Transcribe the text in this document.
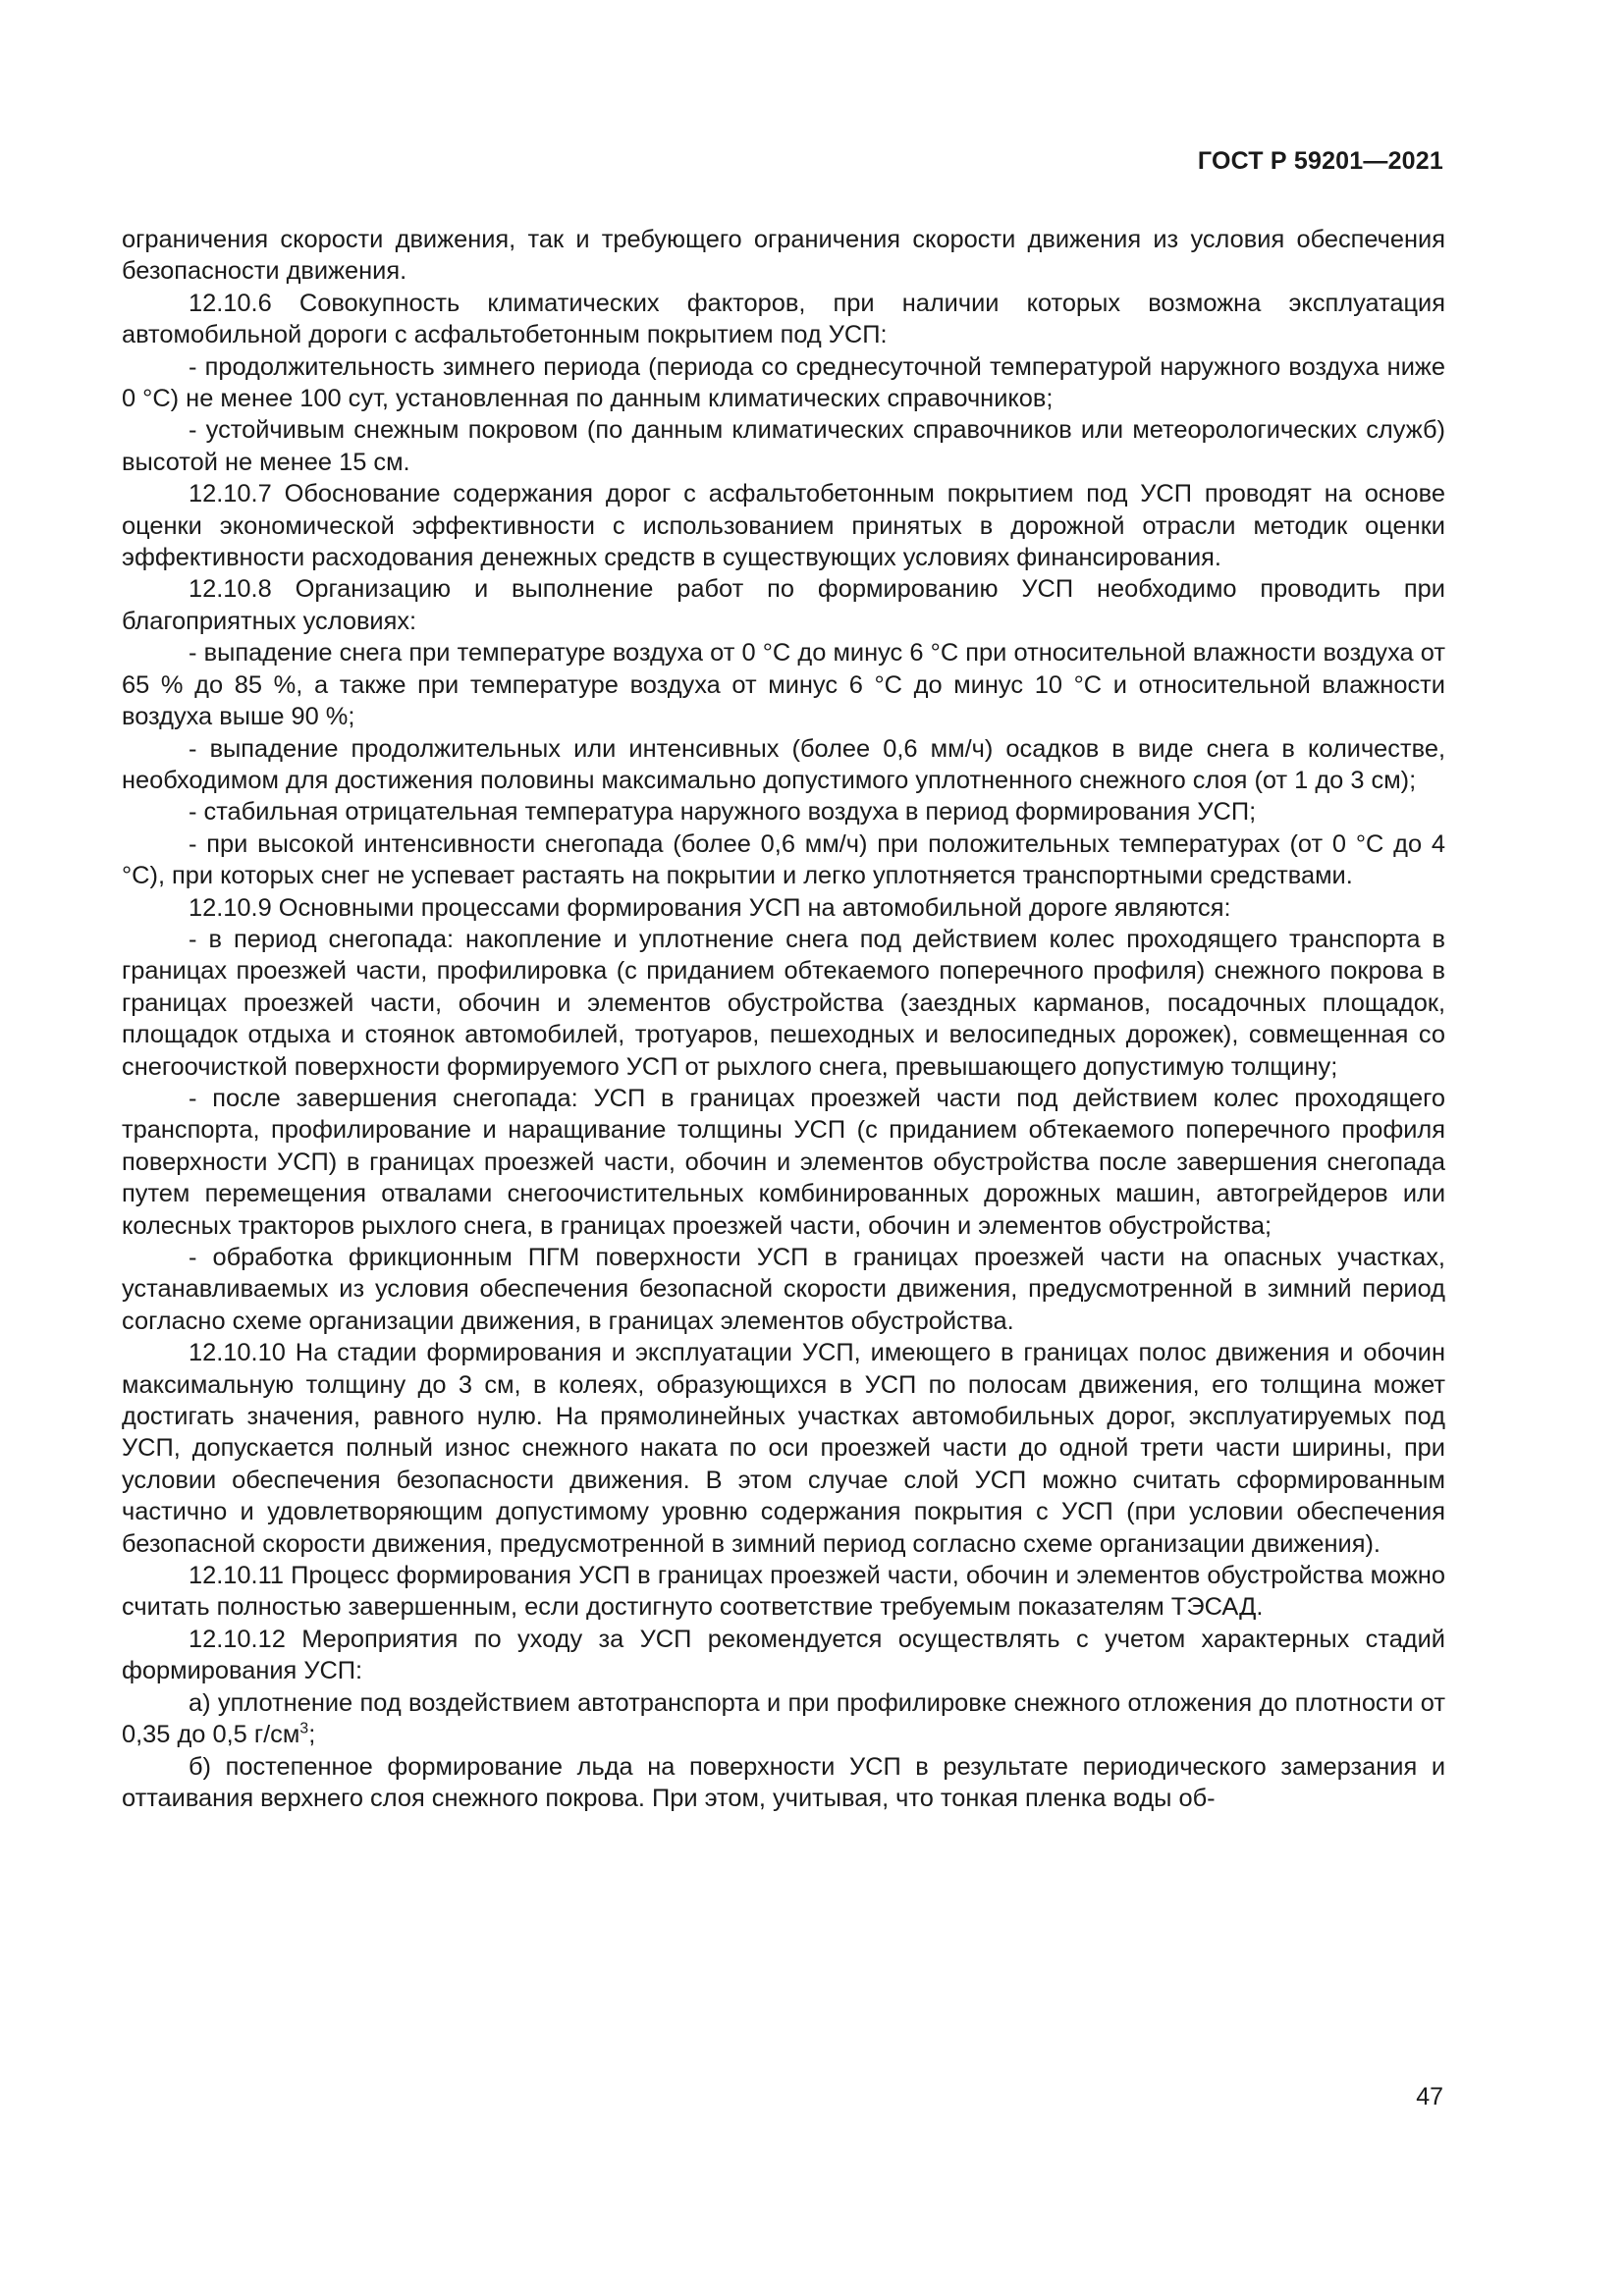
ГОСТ Р 59201—2021

ограничения скорости движения, так и требующего ограничения скорости движения из условия обеспечения безопасности движения.

12.10.6 Совокупность климатических факторов, при наличии которых возможна эксплуатация автомобильной дороги с асфальтобетонным покрытием под УСП:

- продолжительность зимнего периода (периода со среднесуточной температурой наружного воздуха ниже 0 °С) не менее 100 сут, установленная по данным климатических справочников;

- устойчивым снежным покровом (по данным климатических справочников или метеорологических служб) высотой не менее 15 см.

12.10.7 Обоснование содержания дорог с асфальтобетонным покрытием под УСП проводят на основе оценки экономической эффективности с использованием принятых в дорожной отрасли методик оценки эффективности расходования денежных средств в существующих условиях финансирования.

12.10.8 Организацию и выполнение работ по формированию УСП необходимо проводить при благоприятных условиях:

- выпадение снега при температуре воздуха от 0 °С до минус 6 °С при относительной влажности воздуха от 65 % до 85 %, а также при температуре воздуха от минус 6 °С до минус 10 °С и относительной влажности воздуха выше 90 %;

- выпадение продолжительных или интенсивных (более 0,6 мм/ч) осадков в виде снега в количестве, необходимом для достижения половины максимально допустимого уплотненного снежного слоя (от 1 до 3 см);

- стабильная отрицательная температура наружного воздуха в период формирования УСП;

- при высокой интенсивности снегопада (более 0,6 мм/ч) при положительных температурах (от 0 °С до 4 °С), при которых снег не успевает растаять на покрытии и легко уплотняется транспортными средствами.

12.10.9 Основными процессами формирования УСП на автомобильной дороге являются:

- в период снегопада: накопление и уплотнение снега под действием колес проходящего транспорта в границах проезжей части, профилировка (с приданием обтекаемого поперечного профиля) снежного покрова в границах проезжей части, обочин и элементов обустройства (заездных карманов, посадочных площадок, площадок отдыха и стоянок автомобилей, тротуаров, пешеходных и велосипедных дорожек), совмещенная со снегоочисткой поверхности формируемого УСП от рыхлого снега, превышающего допустимую толщину;

- после завершения снегопада: УСП в границах проезжей части под действием колес проходящего транспорта, профилирование и наращивание толщины УСП (с приданием обтекаемого поперечного профиля поверхности УСП) в границах проезжей части, обочин и элементов обустройства после завершения снегопада путем перемещения отвалами снегоочистительных комбинированных дорожных машин, автогрейдеров или колесных тракторов рыхлого снега, в границах проезжей части, обочин и элементов обустройства;

- обработка фрикционным ПГМ поверхности УСП в границах проезжей части на опасных участках, устанавливаемых из условия обеспечения безопасной скорости движения, предусмотренной в зимний период согласно схеме организации движения, в границах элементов обустройства.

12.10.10 На стадии формирования и эксплуатации УСП, имеющего в границах полос движения и обочин максимальную толщину до 3 см, в колеях, образующихся в УСП по полосам движения, его толщина может достигать значения, равного нулю. На прямолинейных участках автомобильных дорог, эксплуатируемых под УСП, допускается полный износ снежного наката по оси проезжей части до одной трети части ширины, при условии обеспечения безопасности движения. В этом случае слой УСП можно считать сформированным частично и удовлетворяющим допустимому уровню содержания покрытия с УСП (при условии обеспечения безопасной скорости движения, предусмотренной в зимний период согласно схеме организации движения).

12.10.11 Процесс формирования УСП в границах проезжей части, обочин и элементов обустройства можно считать полностью завершенным, если достигнуто соответствие требуемым показателям ТЭСАД.

12.10.12 Мероприятия по уходу за УСП рекомендуется осуществлять с учетом характерных стадий формирования УСП:

а) уплотнение под воздействием автотранспорта и при профилировке снежного отложения до плотности от 0,35 до 0,5 $г/см^3$;

б) постепенное формирование льда на поверхности УСП в результате периодического замерзания и оттаивания верхнего слоя снежного покрова. При этом, учитывая, что тонкая пленка воды об-

47
